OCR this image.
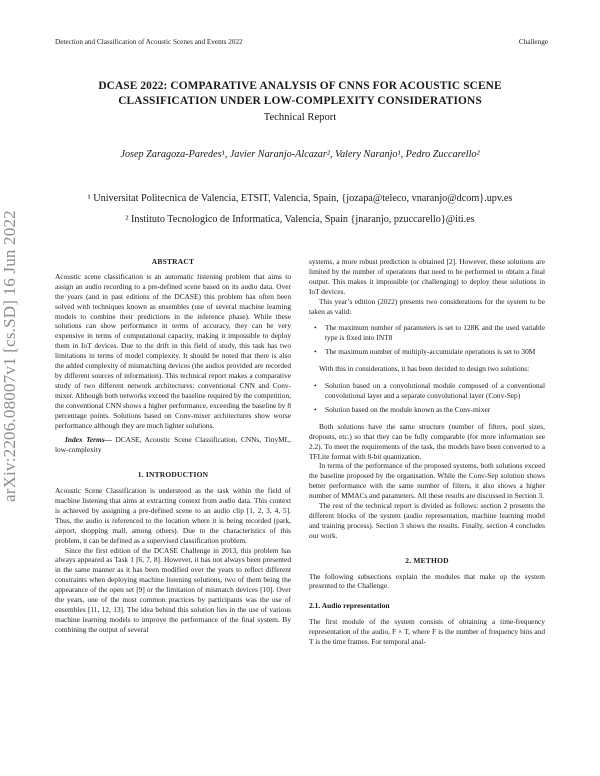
Detection and Classification of Acoustic Scenes and Events 2022	Challenge
DCASE 2022: COMPARATIVE ANALYSIS OF CNNS FOR ACOUSTIC SCENE
CLASSIFICATION UNDER LOW-COMPLEXITY CONSIDERATIONS
Technical Report
Josep Zaragoza-Paredes¹, Javier Naranjo-Alcazar², Valery Naranjo¹, Pedro Zuccarello²
¹ Universitat Politecnica de Valencia, ETSIT, Valencia, Spain, {jozapa@teleco, vnaranjo@dcom}.upv.es
² Instituto Tecnologico de Informatica, Valencia, Spain {jnaranjo, pzuccarello}@iti.es
arXiv:2206.08007v1 [cs.SD] 16 Jun 2022	ABSTRACT

Acoustic scene classification is an automatic listening problem that aims to assign an audio recording to a pre-defined scene based on its audio data. Over the years (and in past editions of the DCASE) this problem has often been solved with techniques known as ensembles (use of several machine learning models to combine their predictions in the inference phase). While these solutions can show performance in terms of accuracy, they can be very expensive in terms of computational capacity, making it impossible to deploy them in IoT devices. Due to the drift in this field of study, this task has two limitations in terms of model complexity. It should be noted that there is also the added complexity of mismatching devices (the audios provided are recorded by different sources of information). This technical report makes a comparative study of two different network architectures: conventional CNN and Conv-mixer. Although both networks exceed the baseline required by the competition, the conventional CNN shows a higher performance, exceeding the baseline by 8 percentage points. Solutions based on Conv-mixer architectures show worse performance although they are much lighter solutions.

Index Terms— DCASE, Acoustic Scene Classification, CNNs, TinyML, low-complexity

1. INTRODUCTION

Acoustic Scene Classification is understood as the task within the field of machine listening that aims at extracting context from audio data. This context is achieved by assigning a pre-defined scene to an audio clip [1, 2, 3, 4, 5]. Thus, the audio is referenced to the location where it is being recorded (park, airport, shopping mall, among others). Due to the characteristics of this problem, it can be defined as a supervised classification problem.

Since the first edition of the DCASE Challenge in 2013, this problem has always appeared as Task 1 [6, 7, 8]. However, it has not always been presented in the same manner as it has been modified over the years to reflect different constraints when deploying machine listening solutions, two of them being the appearance of the open set [9] or the limitation of mismatch devices [10]. Over the years, one of the most common practices by participants was the use of ensembles [11, 12, 13]. The idea behind this solution lies in the use of various machine learning models to improve the performance of the final system. By combining the output of several

systems, a more robust prediction is obtained [2]. However, these solutions are limited by the number of operations that need to be performed to obtain a final output. This makes it impossible (or challenging) to deploy these solutions in IoT devices.

This year’s edition (2022) presents two considerations for the system to be taken as valid:

• The maximum number of parameters is set to 128K and the used variable type is fixed into INT8
• The maximum number of multiply-accumulate operations is set to 30M

With this in considerations, it has been decided to design two solutions:

• Solution based on a convolutional module composed of a conventional convolutional layer and a separate convolutional layer (Conv-Sep)
• Solution based on the module known as the Conv-mixer

Both solutions have the same structure (number of filters, pool sizes, dropouts, etc.) so that they can be fully comparable (for more information see 2.2). To meet the requirements of the task, the models have been converted to a TFLite format with 8-bit quantization.

In terms of the performance of the proposed systems, both solutions exceed the baseline proposed by the organisation. While the Conv-Sep solution shows better performance with the same number of filters, it also shows a higher number of MMACs and parameters. All these results are discussed in Section 3.

The rest of the technical report is divided as follows: section 2 presents the different blocks of the system (audio representation, machine learning model and training process). Section 3 shows the results. Finally, section 4 concludes our work.

2. METHOD

The following subsections explain the modules that make up the system presented to the Challenge.

2.1. Audio representation

The first module of the system consists of obtaining a time-frequency representation of the audio, F × T, where F is the number of frequency bins and T is the time frames. For temporal anal-
